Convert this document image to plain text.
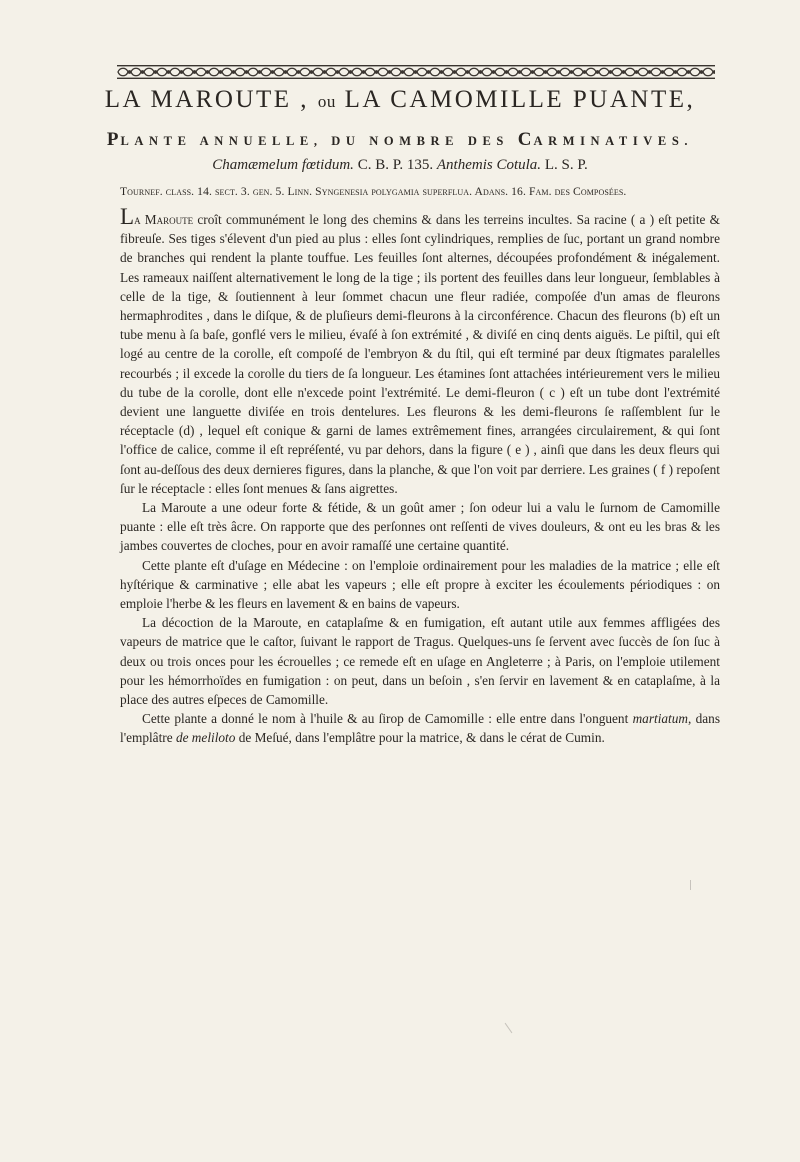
LA MAROUTE , ou LA CAMOMILLE PUANTE,
PLANTE ANNUELLE, DU NOMBRE DES CARMINATIVES.
Chamæmelum fœtidum. C. B. P. 135. Anthemis Cotula. L. S. P.
Tournef. claſſ. 14. ſect. 3. gen. 5. Linn. Syngeneſia polygamia ſuperflua. Adans. 16. Fam. des Compoſées.

La Maroute croît communément le long des chemins & dans les terreins incultes. Sa racine ( a ) eſt petite & fibreuſe. Ses tiges s'élevent d'un pied au plus : elles ſont cylindriques, remplies de ſuc, portant un grand nombre de branches qui rendent la plante touffue. Les feuilles ſont alternes, découpées profondément & inégalement. Les rameaux naiſſent alternativement le long de la tige ; ils portent des feuilles dans leur longueur, ſemblables à celle de la tige, & ſoutiennent à leur ſommet chacun une fleur radiée, compoſée d'un amas de fleurons hermaphrodites , dans le diſque, & de pluſieurs demi-fleurons à la circonférence. Chacun des fleurons (b) eſt un tube menu à ſa baſe, gonflé vers le milieu, évaſé à ſon extrémité , & diviſé en cinq dents aiguës. Le piſtil, qui eſt logé au centre de la corolle, eſt compoſé de l'embryon & du ſtil, qui eſt terminé par deux ſtigmates paralelles recourbés ; il excede la corolle du tiers de ſa longueur. Les étamines ſont attachées intérieurement vers le milieu du tube de la corolle, dont elle n'excede point l'extrémité. Le demi-fleuron ( c ) eſt un tube dont l'extrémité devient une languette diviſée en trois dentelures. Les fleurons & les demi-fleurons ſe raſſemblent ſur le réceptacle (d) , lequel eſt conique & garni de lames extrêmement fines, arrangées circulairement, & qui ſont l'office de calice, comme il eſt repréſenté, vu par dehors, dans la figure ( e ) , ainſi que dans les deux fleurs qui ſont au-deſſous des deux dernieres figures, dans la planche, & que l'on voit par derriere. Les graines ( f ) repoſent ſur le réceptacle : elles ſont menues & ſans aigrettes.

La Maroute a une odeur forte & fétide, & un goût amer ; ſon odeur lui a valu le ſurnom de Camomille puante : elle eſt très âcre. On rapporte que des perſonnes ont reſſenti de vives douleurs, & ont eu les bras & les jambes couvertes de cloches, pour en avoir ramaſſé une certaine quantité.

Cette plante eſt d'uſage en Médecine : on l'emploie ordinairement pour les maladies de la matrice ; elle eſt hyſtérique & carminative ; elle abat les vapeurs ; elle eſt propre à exciter les écoulements périodiques : on emploie l'herbe & les fleurs en lavement & en bains de vapeurs.

La décoction de la Maroute, en cataplaſme & en fumigation, eſt autant utile aux femmes affligées des vapeurs de matrice que le caſtor, ſuivant le rapport de Tragus. Quelques-uns ſe ſervent avec ſuccès de ſon ſuc à deux ou trois onces pour les écrouelles ; ce remede eſt en uſage en Angleterre ; à Paris, on l'emploie utilement pour les hémorrhoïdes en fumigation : on peut, dans un beſoin , s'en ſervir en lavement & en cataplaſme, à la place des autres eſpeces de Camomille.

Cette plante a donné le nom à l'huile & au ſirop de Camomille : elle entre dans l'onguent martiatum, dans l'emplâtre de meliloto de Meſué, dans l'emplâtre pour la matrice, & dans le cérat de Cumin.
